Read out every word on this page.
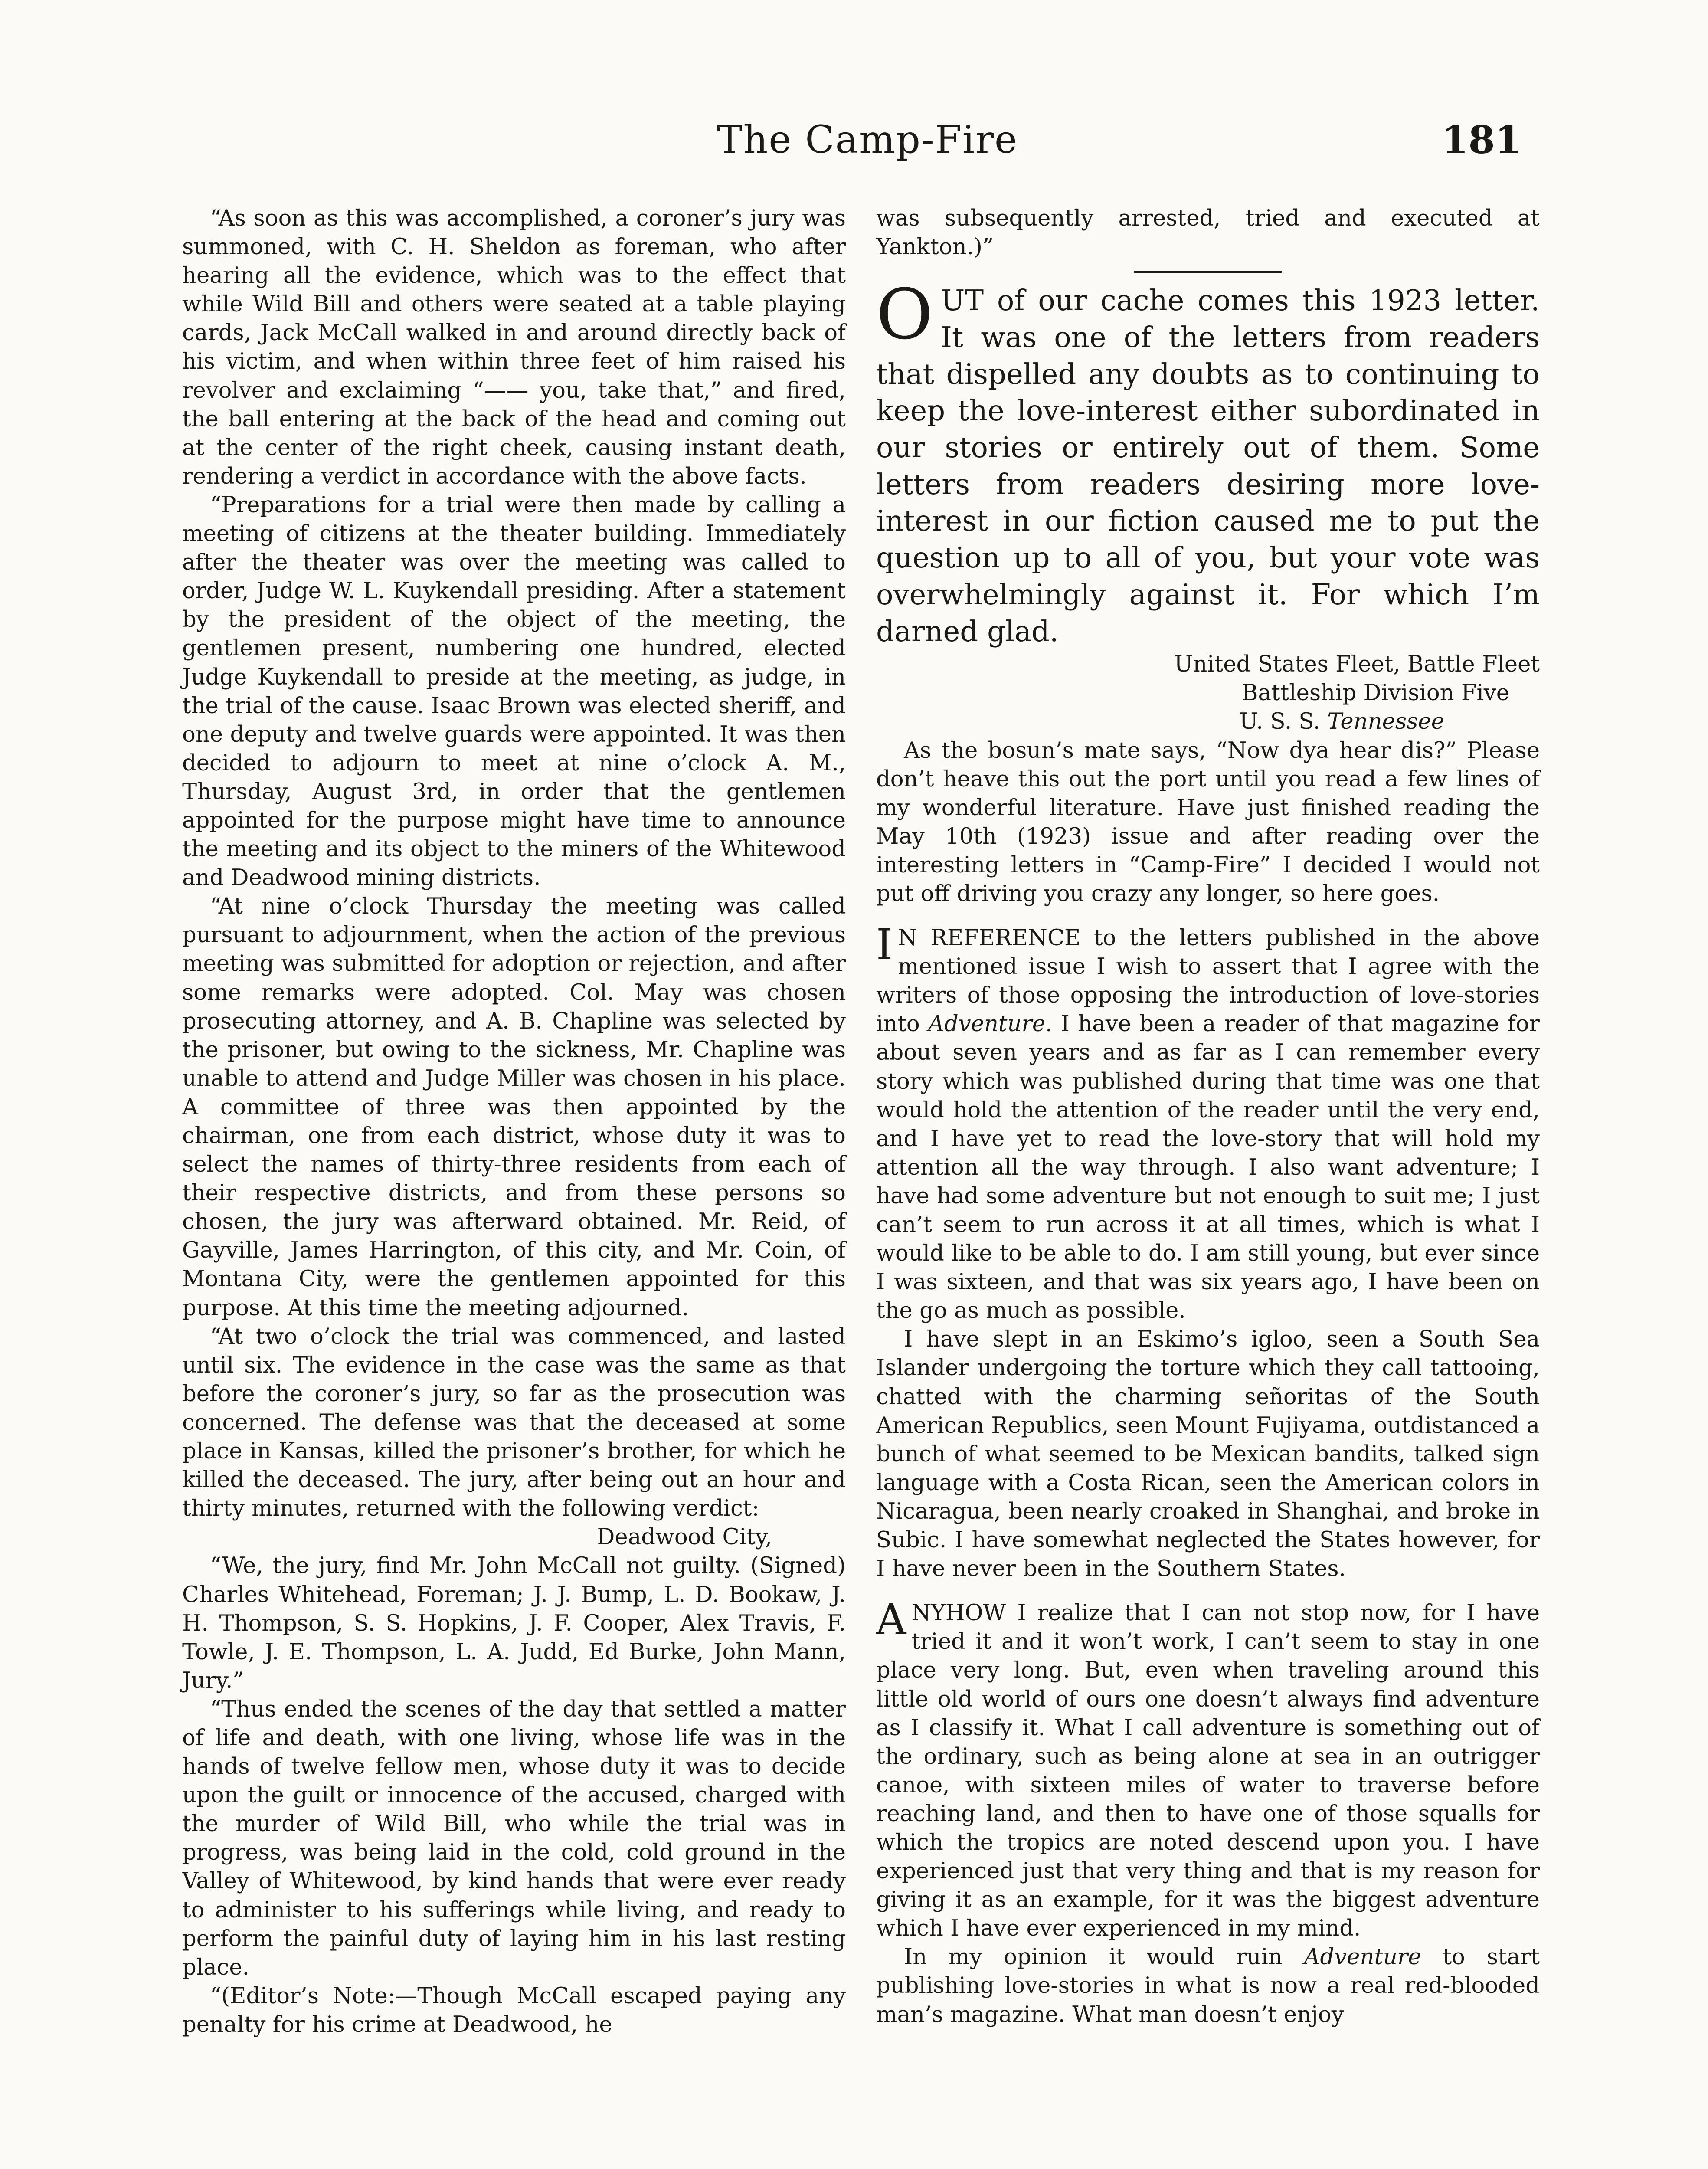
The Camp-Fire	181

“As soon as this was accomplished, a coroner’s jury was summoned, with C. H. Sheldon as foreman, who after hearing all the evidence, which was to the effect that while Wild Bill and others were seated at a table playing cards, Jack McCall walked in and around directly back of his victim, and when within three feet of him raised his revolver and exclaiming “—— you, take that,” and fired, the ball entering at the back of the head and coming out at the center of the right cheek, causing instant death, rendering a verdict in accordance with the above facts.

“Preparations for a trial were then made by calling a meeting of citizens at the theater building. Immediately after the theater was over the meeting was called to order, Judge W. L. Kuykendall presiding. After a statement by the president of the object of the meeting, the gentlemen present, numbering one hundred, elected Judge Kuykendall to preside at the meeting, as judge, in the trial of the cause. Isaac Brown was elected sheriff, and one deputy and twelve guards were appointed. It was then decided to adjourn to meet at nine o’clock A. M., Thursday, August 3rd, in order that the gentlemen appointed for the purpose might have time to announce the meeting and its object to the miners of the Whitewood and Deadwood mining districts.

“At nine o’clock Thursday the meeting was called pursuant to adjournment, when the action of the previous meeting was submitted for adoption or rejection, and after some remarks were adopted. Col. May was chosen prosecuting attorney, and A. B. Chapline was selected by the prisoner, but owing to the sickness, Mr. Chapline was unable to attend and Judge Miller was chosen in his place. A committee of three was then appointed by the chairman, one from each district, whose duty it was to select the names of thirty-three residents from each of their respective districts, and from these persons so chosen, the jury was afterward obtained. Mr. Reid, of Gayville, James Harrington, of this city, and Mr. Coin, of Montana City, were the gentlemen appointed for this purpose. At this time the meeting adjourned.

“At two o’clock the trial was commenced, and lasted until six. The evidence in the case was the same as that before the coroner’s jury, so far as the prosecution was concerned. The defense was that the deceased at some place in Kansas, killed the prisoner’s brother, for which he killed the deceased. The jury, after being out an hour and thirty minutes, returned with the following verdict:

Deadwood City,

“We, the jury, find Mr. John McCall not guilty. (Signed) Charles Whitehead, Foreman; J. J. Bump, L. D. Bookaw, J. H. Thompson, S. S. Hopkins, J. F. Cooper, Alex Travis, F. Towle, J. E. Thompson, L. A. Judd, Ed Burke, John Mann, Jury.”

“Thus ended the scenes of the day that settled a matter of life and death, with one living, whose life was in the hands of twelve fellow men, whose duty it was to decide upon the guilt or innocence of the accused, charged with the murder of Wild Bill, who while the trial was in progress, was being laid in the cold, cold ground in the Valley of Whitewood, by kind hands that were ever ready to administer to his sufferings while living, and ready to perform the painful duty of laying him in his last resting place.

“(Editor’s Note:—Though McCall escaped paying any penalty for his crime at Deadwood, he

was subsequently arrested, tried and executed at Yankton.)”

OUT of our cache comes this 1923 letter. It was one of the letters from readers that dispelled any doubts as to continuing to keep the love-interest either subordinated in our stories or entirely out of them. Some letters from readers desiring more love-interest in our fiction caused me to put the question up to all of you, but your vote was overwhelmingly against it. For which I’m darned glad.

United States Fleet, Battle Fleet

Battleship Division Five

U. S. S. Tennessee

As the bosun’s mate says, “Now dya hear dis?” Please don’t heave this out the port until you read a few lines of my wonderful literature. Have just finished reading the May 10th (1923) issue and after reading over the interesting letters in “Camp-Fire” I decided I would not put off driving you crazy any longer, so here goes.

I N REFERENCE to the letters published in the above mentioned issue I wish to assert that I agree with the writers of those opposing the introduction of love-stories into Adventure. I have been a reader of that magazine for about seven years and as far as I can remember every story which was published during that time was one that would hold the attention of the reader until the very end, and I have yet to read the love-story that will hold my attention all the way through. I also want adventure; I have had some adventure but not enough to suit me; I just can’t seem to run across it at all times, which is what I would like to be able to do. I am still young, but ever since I was sixteen, and that was six years ago, I have been on the go as much as possible.

I have slept in an Eskimo’s igloo, seen a South Sea Islander undergoing the torture which they call tattooing, chatted with the charming señoritas of the South American Republics, seen Mount Fujiyama, outdistanced a bunch of what seemed to be Mexican bandits, talked sign language with a Costa Rican, seen the American colors in Nicaragua, been nearly croaked in Shanghai, and broke in Subic. I have somewhat neglected the States however, for I have never been in the Southern States.

ANYHOW I realize that I can not stop now, for I have tried it and it won’t work, I can’t seem to stay in one place very long. But, even when traveling around this little old world of ours one doesn’t always find adventure as I classify it. What I call adventure is something out of the ordinary, such as being alone at sea in an outrigger canoe, with sixteen miles of water to traverse before reaching land, and then to have one of those squalls for which the tropics are noted descend upon you. I have experienced just that very thing and that is my reason for giving it as an example, for it was the biggest adventure which I have ever experienced in my mind.

In my opinion it would ruin Adventure to start publishing love-stories in what is now a real red-blooded man’s magazine. What man doesn’t enjoy
